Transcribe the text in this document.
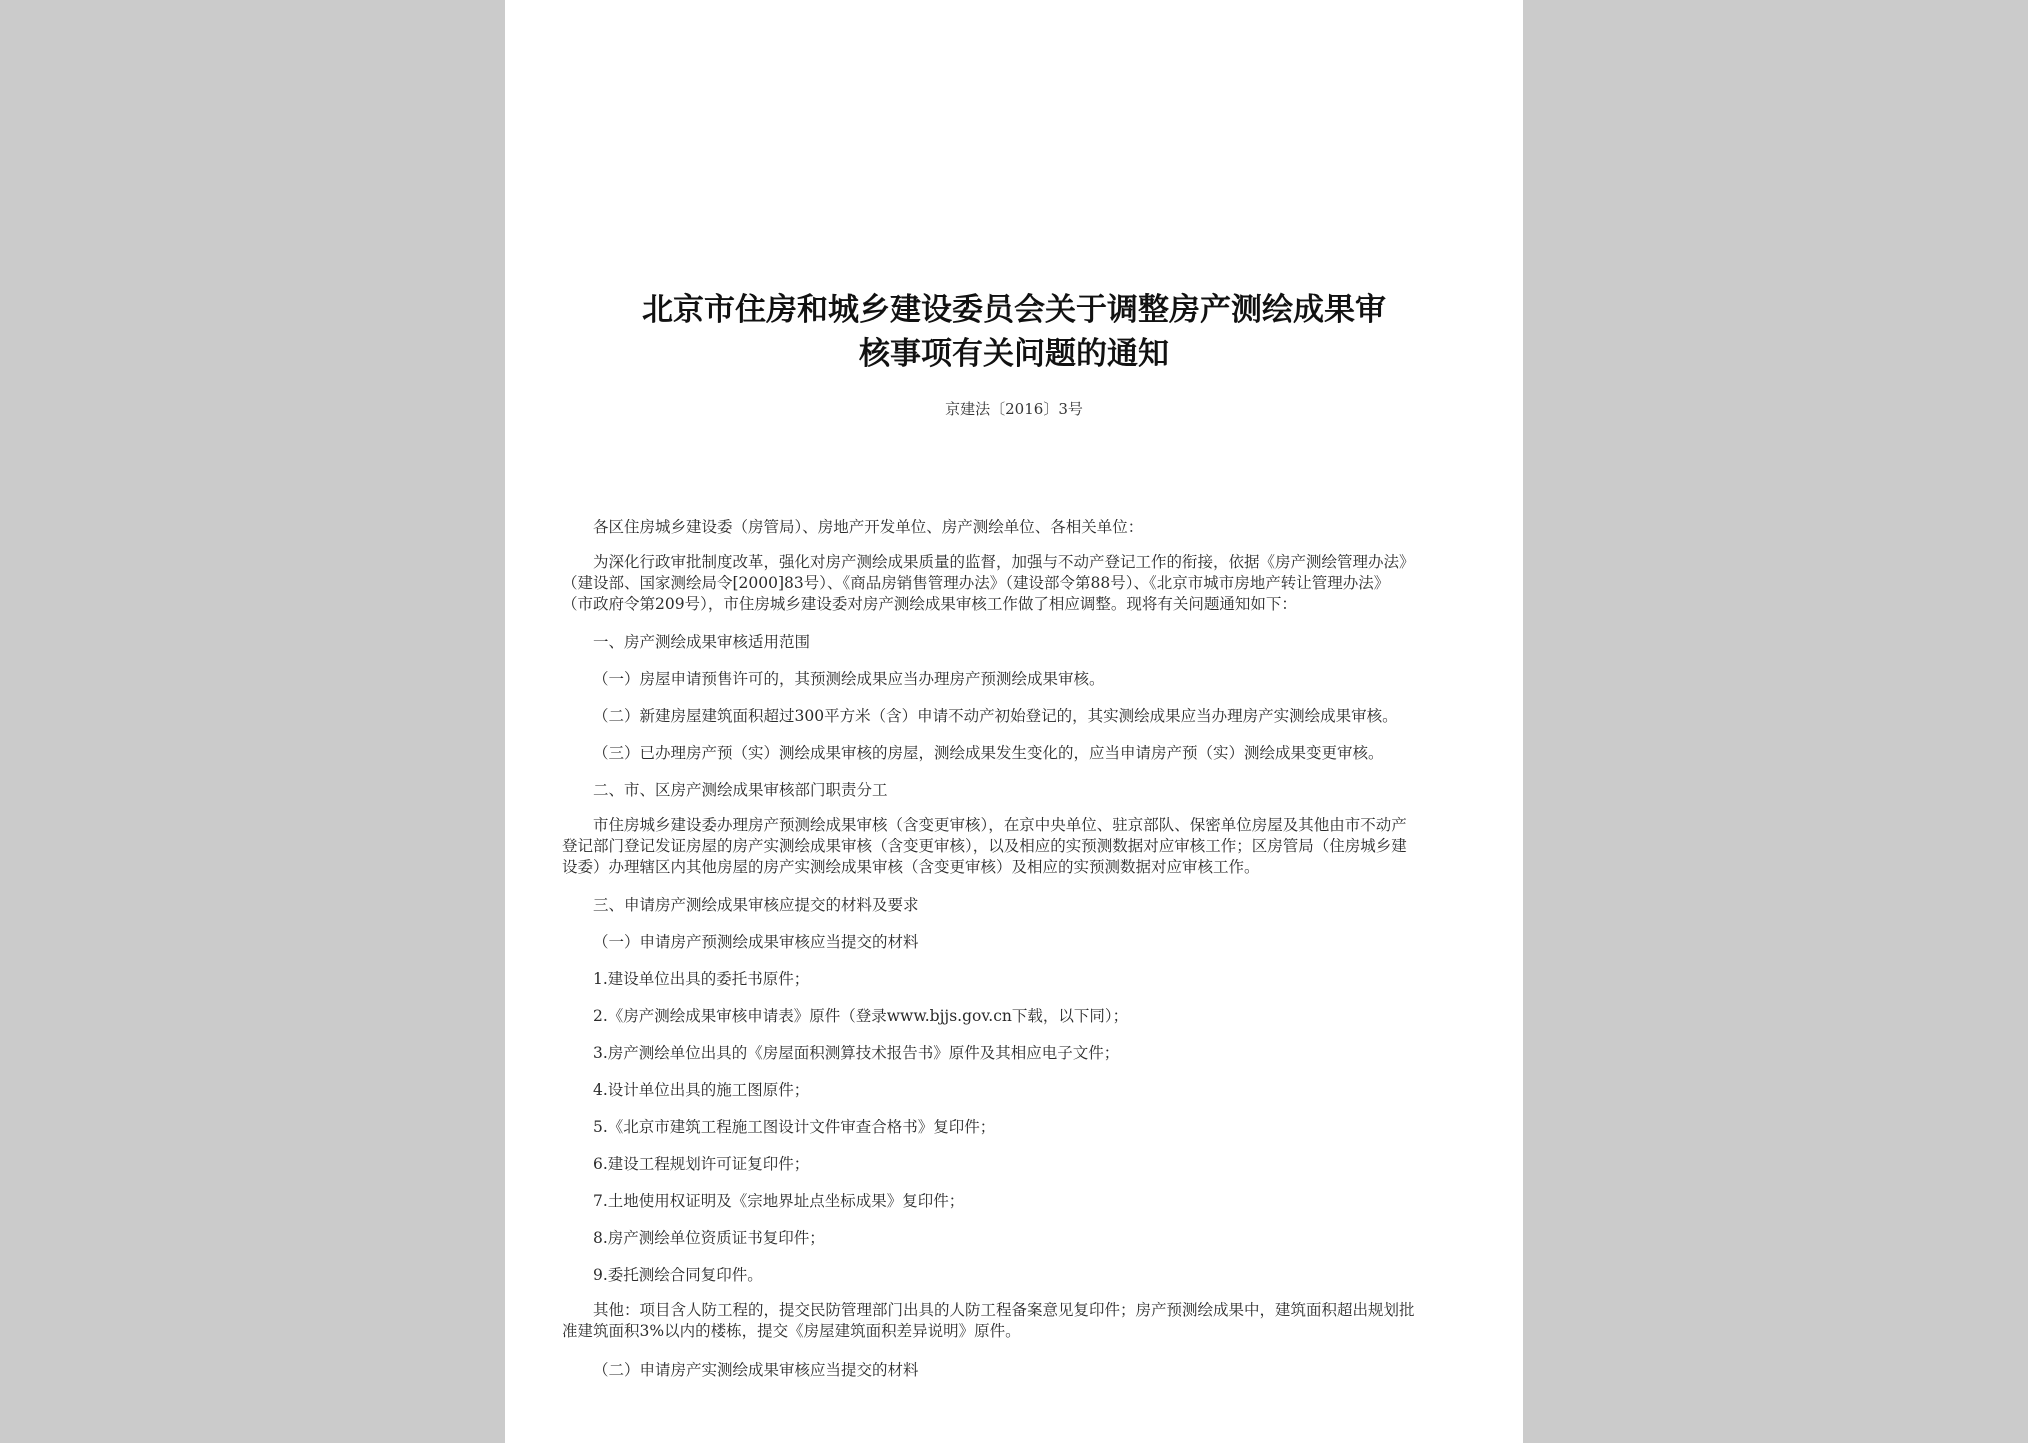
北京市住房和城乡建设委员会关于调整房产测绘成果审
核事项有关问题的通知
京建法〔2016〕3号
各区住房城乡建设委（房管局）、房地产开发单位、房产测绘单位、各相关单位：
为深化行政审批制度改革，强化对房产测绘成果质量的监督，加强与不动产登记工作的衔接，依据《房产测绘管理办法》
（建设部、国家测绘局令[2000]83号）、《商品房销售管理办法》（建设部令第88号）、《北京市城市房地产转让管理办法》
（市政府令第209号），市住房城乡建设委对房产测绘成果审核工作做了相应调整。现将有关问题通知如下：
一、房产测绘成果审核适用范围
（一）房屋申请预售许可的，其预测绘成果应当办理房产预测绘成果审核。
（二）新建房屋建筑面积超过300平方米（含）申请不动产初始登记的，其实测绘成果应当办理房产实测绘成果审核。
（三）已办理房产预（实）测绘成果审核的房屋，测绘成果发生变化的，应当申请房产预（实）测绘成果变更审核。
二、市、区房产测绘成果审核部门职责分工
市住房城乡建设委办理房产预测绘成果审核（含变更审核），在京中央单位、驻京部队、保密单位房屋及其他由市不动产
登记部门登记发证房屋的房产实测绘成果审核（含变更审核），以及相应的实预测数据对应审核工作；区房管局（住房城乡建
设委）办理辖区内其他房屋的房产实测绘成果审核（含变更审核）及相应的实预测数据对应审核工作。
三、申请房产测绘成果审核应提交的材料及要求
（一）申请房产预测绘成果审核应当提交的材料
1.建设单位出具的委托书原件；
2.《房产测绘成果审核申请表》原件（登录www.bjjs.gov.cn下载，以下同）；
3.房产测绘单位出具的《房屋面积测算技术报告书》原件及其相应电子文件；
4.设计单位出具的施工图原件；
5.《北京市建筑工程施工图设计文件审查合格书》复印件；
6.建设工程规划许可证复印件；
7.土地使用权证明及《宗地界址点坐标成果》复印件；
8.房产测绘单位资质证书复印件；
9.委托测绘合同复印件。
其他：项目含人防工程的，提交民防管理部门出具的人防工程备案意见复印件；房产预测绘成果中，建筑面积超出规划批
准建筑面积3%以内的楼栋，提交《房屋建筑面积差异说明》原件。
（二）申请房产实测绘成果审核应当提交的材料
